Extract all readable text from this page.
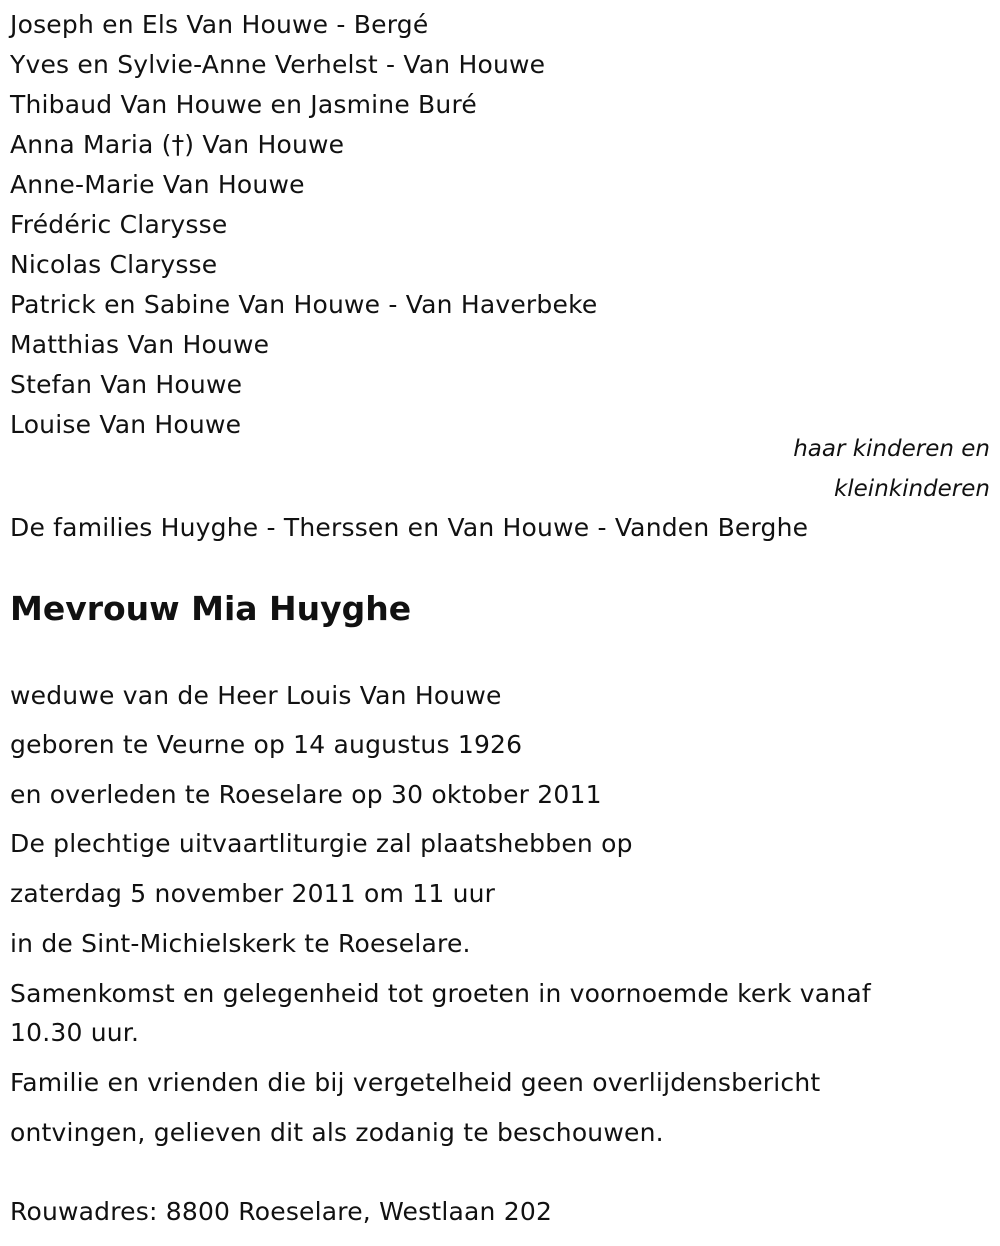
Joseph en Els Van Houwe - Bergé
Yves en Sylvie-Anne Verhelst - Van Houwe
Thibaud Van Houwe en Jasmine Buré
Anna Maria (†) Van Houwe
Anne-Marie Van Houwe
Frédéric Clarysse
Nicolas Clarysse
Patrick en Sabine Van Houwe - Van Haverbeke
Matthias Van Houwe
Stefan Van Houwe
Louise Van Houwe
haar kinderen en
kleinkinderen
De families Huyghe - Therssen en Van Houwe - Vanden Berghe
Mevrouw Mia Huyghe
weduwe van de Heer Louis Van Houwe
geboren te Veurne op 14 augustus 1926
en overleden te Roeselare op 30 oktober 2011
De plechtige uitvaartliturgie zal plaatshebben op
zaterdag 5 november 2011 om 11 uur
in de Sint-Michielskerk te Roeselare.
Samenkomst en gelegenheid tot groeten in voornoemde kerk vanaf
10.30 uur.
Familie en vrienden die bij vergetelheid geen overlijdensbericht
ontvingen, gelieven dit als zodanig te beschouwen.
Rouwadres: 8800 Roeselare, Westlaan 202
